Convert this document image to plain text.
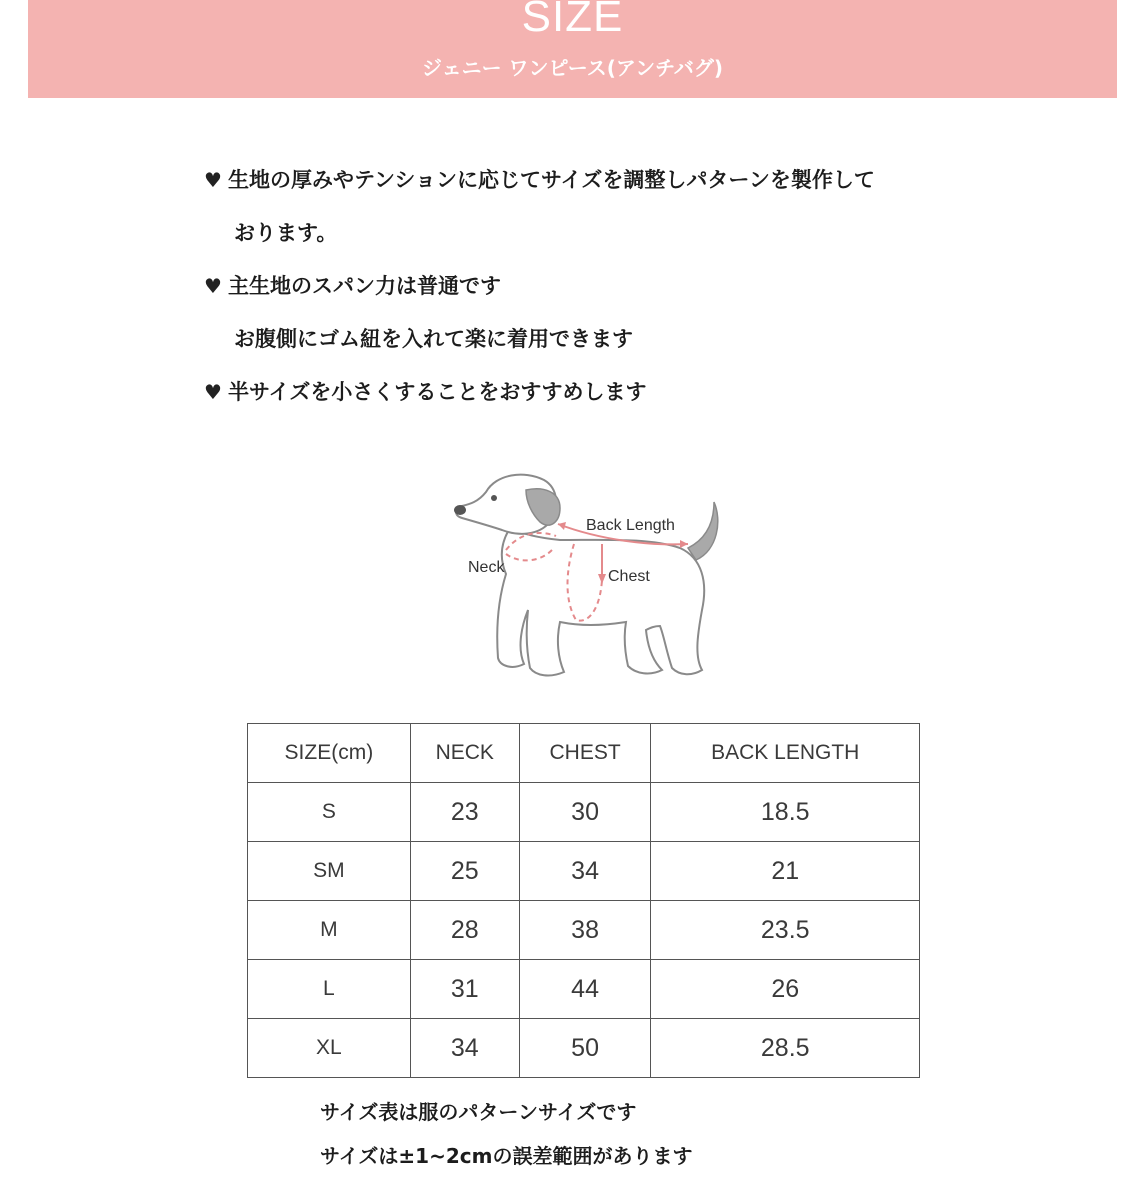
SIZE
ジェニー ワンピース(アンチバグ)
♥ 生地の厚みやテンションに応じてサイズを調整しパターンを製作して
おります。
♥ 主生地のスパン力は普通です
お腹側にゴム紐を入れて楽に着用できます
♥ 半サイズを小さくすることをおすすめします
Back Length
Neck
Chest
SIZE(cm)	NECK	CHEST	BACK LENGTH
S	23	30	18.5
SM	25	34	21
M	28	38	23.5
L	31	44	26
XL	34	50	28.5
サイズ表は服のパターンサイズです
サイズは±1~2cmの誤差範囲があります
